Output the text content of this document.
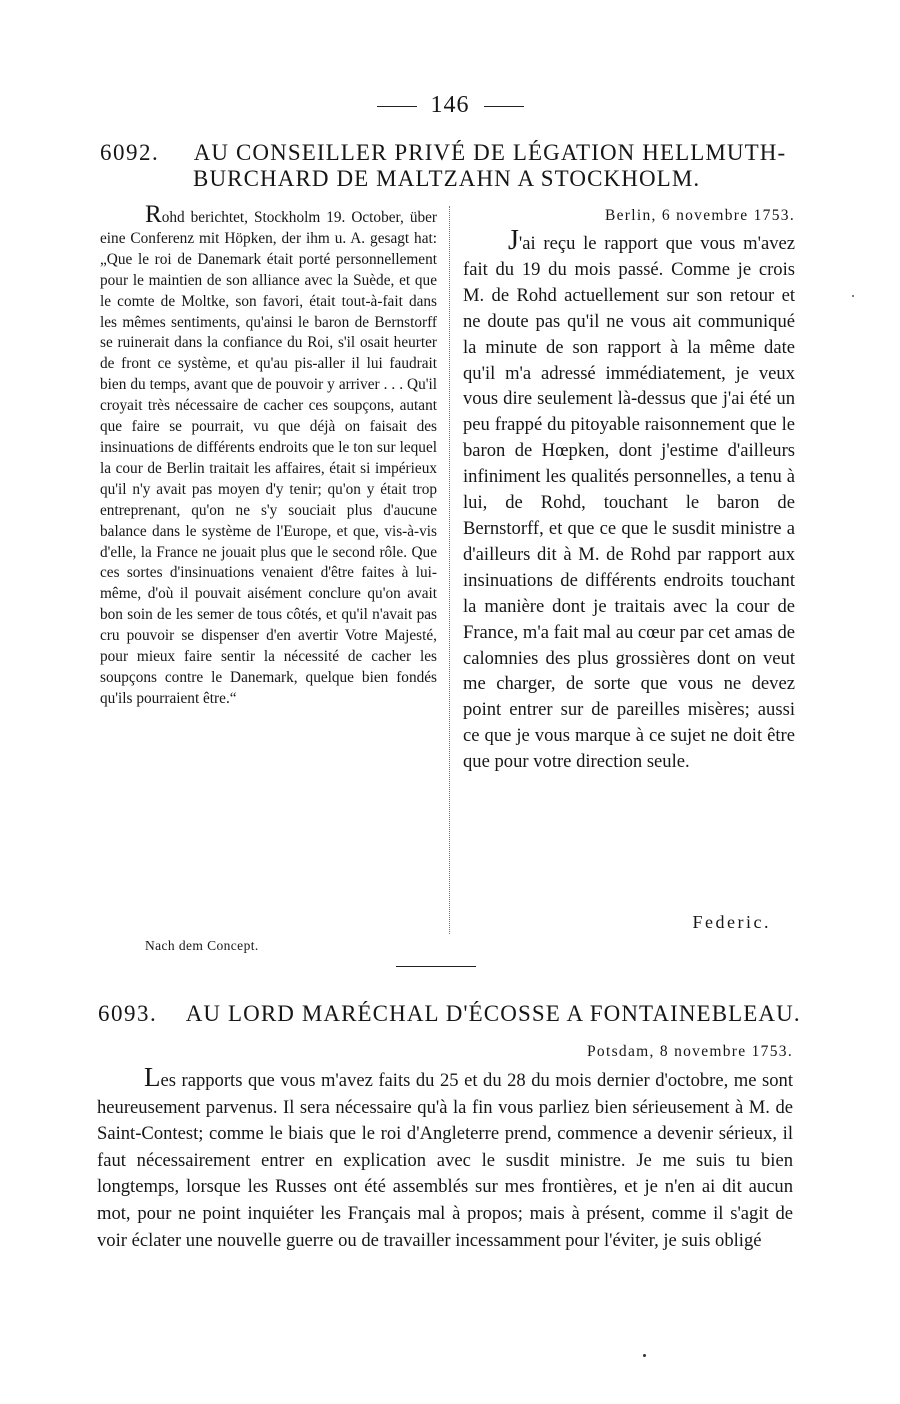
146
6092. AU CONSEILLER PRIVÉ DE LÉGATION HELLMUTH-
BURCHARD DE MALTZAHN A STOCKHOLM.

Rohd berichtet, Stockholm 19. October, über eine Conferenz mit Höpken, der ihm u. A. gesagt hat: „Que le roi de Danemark était porté personnellement pour le maintien de son alliance avec la Suède, et que le comte de Moltke, son favori, était tout-à-fait dans les mêmes sentiments, qu'ainsi le baron de Bernstorff se ruinerait dans la confiance du Roi, s'il osait heurter de front ce système, et qu'au pis-aller il lui faudrait bien du temps, avant que de pouvoir y arriver . . . Qu'il croyait très nécessaire de cacher ces soupçons, autant que faire se pourrait, vu que déjà on faisait des insinuations de différents endroits que le ton sur lequel la cour de Berlin traitait les affaires, était si impérieux qu'il n'y avait pas moyen d'y tenir; qu'on y était trop entreprenant, qu'on ne s'y souciait plus d'aucune balance dans le système de l'Europe, et que, vis-à-vis d'elle, la France ne jouait plus que le second rôle. Que ces sortes d'insinuations venaient d'être faites à lui-même, d'où il pouvait aisément conclure qu'on avait bon soin de les semer de tous côtés, et qu'il n'avait pas cru pouvoir se dispenser d'en avertir Votre Majesté, pour mieux faire sentir la nécessité de cacher les soupçons contre le Danemark, quelque bien fondés qu'ils pourraient être.“

Berlin, 6 novembre 1753.

J'ai reçu le rapport que vous m'avez fait du 19 du mois passé. Comme je crois M. de Rohd actuellement sur son retour et ne doute pas qu'il ne vous ait communiqué la minute de son rapport à la même date qu'il m'a adressé immédiatement, je veux vous dire seulement là-dessus que j'ai été un peu frappé du pitoyable raisonnement que le baron de Hœpken, dont j'estime d'ailleurs infiniment les qualités personnelles, a tenu à lui, de Rohd, touchant le baron de Bernstorff, et que ce que le susdit ministre a d'ailleurs dit à M. de Rohd par rapport aux insinuations de différents endroits touchant la manière dont je traitais avec la cour de France, m'a fait mal au cœur par cet amas de calomnies des plus grossières dont on veut me charger, de sorte que vous ne devez point entrer sur de pareilles misères; aussi ce que je vous marque à ce sujet ne doit être que pour votre direction seule.

Federic.
Nach dem Concept.
6093. AU LORD MARÉCHAL D'ÉCOSSE A FONTAINEBLEAU.

Potsdam, 8 novembre 1753.

Les rapports que vous m'avez faits du 25 et du 28 du mois dernier d'octobre, me sont heureusement parvenus. Il sera nécessaire qu'à la fin vous parliez bien sérieusement à M. de Saint-Contest; comme le biais que le roi d'Angleterre prend, commence a devenir sérieux, il faut nécessairement entrer en explication avec le susdit ministre. Je me suis tu bien longtemps, lorsque les Russes ont été assemblés sur mes frontières, et je n'en ai dit aucun mot, pour ne point inquiéter les Français mal à propos; mais à présent, comme il s'agit de voir éclater une nouvelle guerre ou de travailler incessamment pour l'éviter, je suis obligé
